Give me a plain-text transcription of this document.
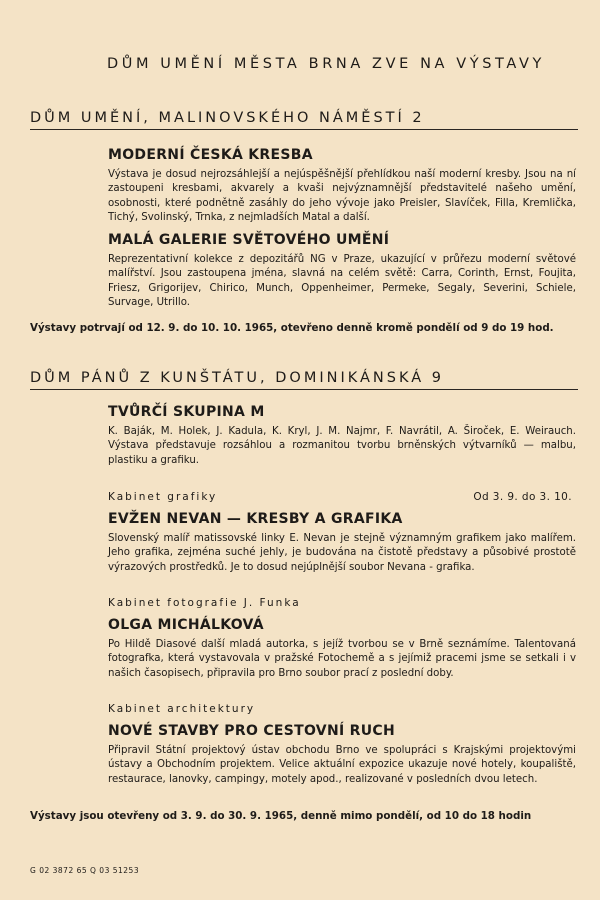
DŮM UMĚNÍ MĚSTA BRNA ZVE NA VÝSTAVY
DŮM UMĚNÍ, MALINOVSKÉHO NÁMĚSTÍ 2
MODERNÍ ČESKÁ KRESBA
Výstava je dosud nejrozsáhlejší a nejúspěšnější přehlídkou naší moderní kresby. Jsou na ní zastoupeni kresbami, akvarely a kvaši nejvýznamnější představitelé našeho umění, osobnosti, které podnětně zasáhly do jeho vývoje jako Preisler, Slavíček, Filla, Kremlička, Tichý, Svolinský, Trnka, z nejmladších Matal a další.
MALÁ GALERIE SVĚTOVÉHO UMĚNÍ
Reprezentativní kolekce z depozitářů NG v Praze, ukazující v průřezu moderní světové malířství. Jsou zastoupena jména, slavná na celém světě: Carra, Corinth, Ernst, Foujita, Friesz, Grigorijev, Chirico, Munch, Oppenheimer, Permeke, Segaly, Severini, Schiele, Survage, Utrillo.
Výstavy potrvají od 12. 9. do 10. 10. 1965, otevřeno denně kromě pondělí od 9 do 19 hod.
DŮM PÁNŮ Z KUNŠTÁTU, DOMINIKÁNSKÁ 9
TVŮRČÍ SKUPINA M
K. Baják, M. Holek, J. Kadula, K. Kryl, J. M. Najmr, F. Navrátil, A. Široček, E. Weirauch. Výstava představuje rozsáhlou a rozmanitou tvorbu brněnských výtvarníků — malbu, plastiku a grafiku.
Kabinet grafiky	Od 3. 9. do 3. 10.
EVŽEN NEVAN — KRESBY A GRAFIKA
Slovenský malíř matissovské linky E. Nevan je stejně významným grafikem jako malířem. Jeho grafika, zejména suché jehly, je budována na čistotě představy a působivé prostotě výrazových prostředků. Je to dosud nejúplnější soubor Nevana - grafika.
Kabinet fotografie J. Funka
OLGA MICHÁLKOVÁ
Po Hildě Diasové další mladá autorka, s jejíž tvorbou se v Brně seznámíme. Talentovaná fotografka, která vystavovala v pražské Fotochemě a s jejímiž pracemi jsme se setkali i v našich časopisech, připravila pro Brno soubor prací z poslední doby.
Kabinet architektury
NOVÉ STAVBY PRO CESTOVNÍ RUCH
Připravil Státní projektový ústav obchodu Brno ve spolupráci s Krajskými projektovými ústavy a Obchodním projektem. Velice aktuální expozice ukazuje nové hotely, koupaliště, restaurace, lanovky, campingy, motely apod., realizované v posledních dvou letech.
Výstavy jsou otevřeny od 3. 9. do 30. 9. 1965, denně mimo pondělí, od 10 do 18 hodin
G 02 3872 65 Q 03 51253
